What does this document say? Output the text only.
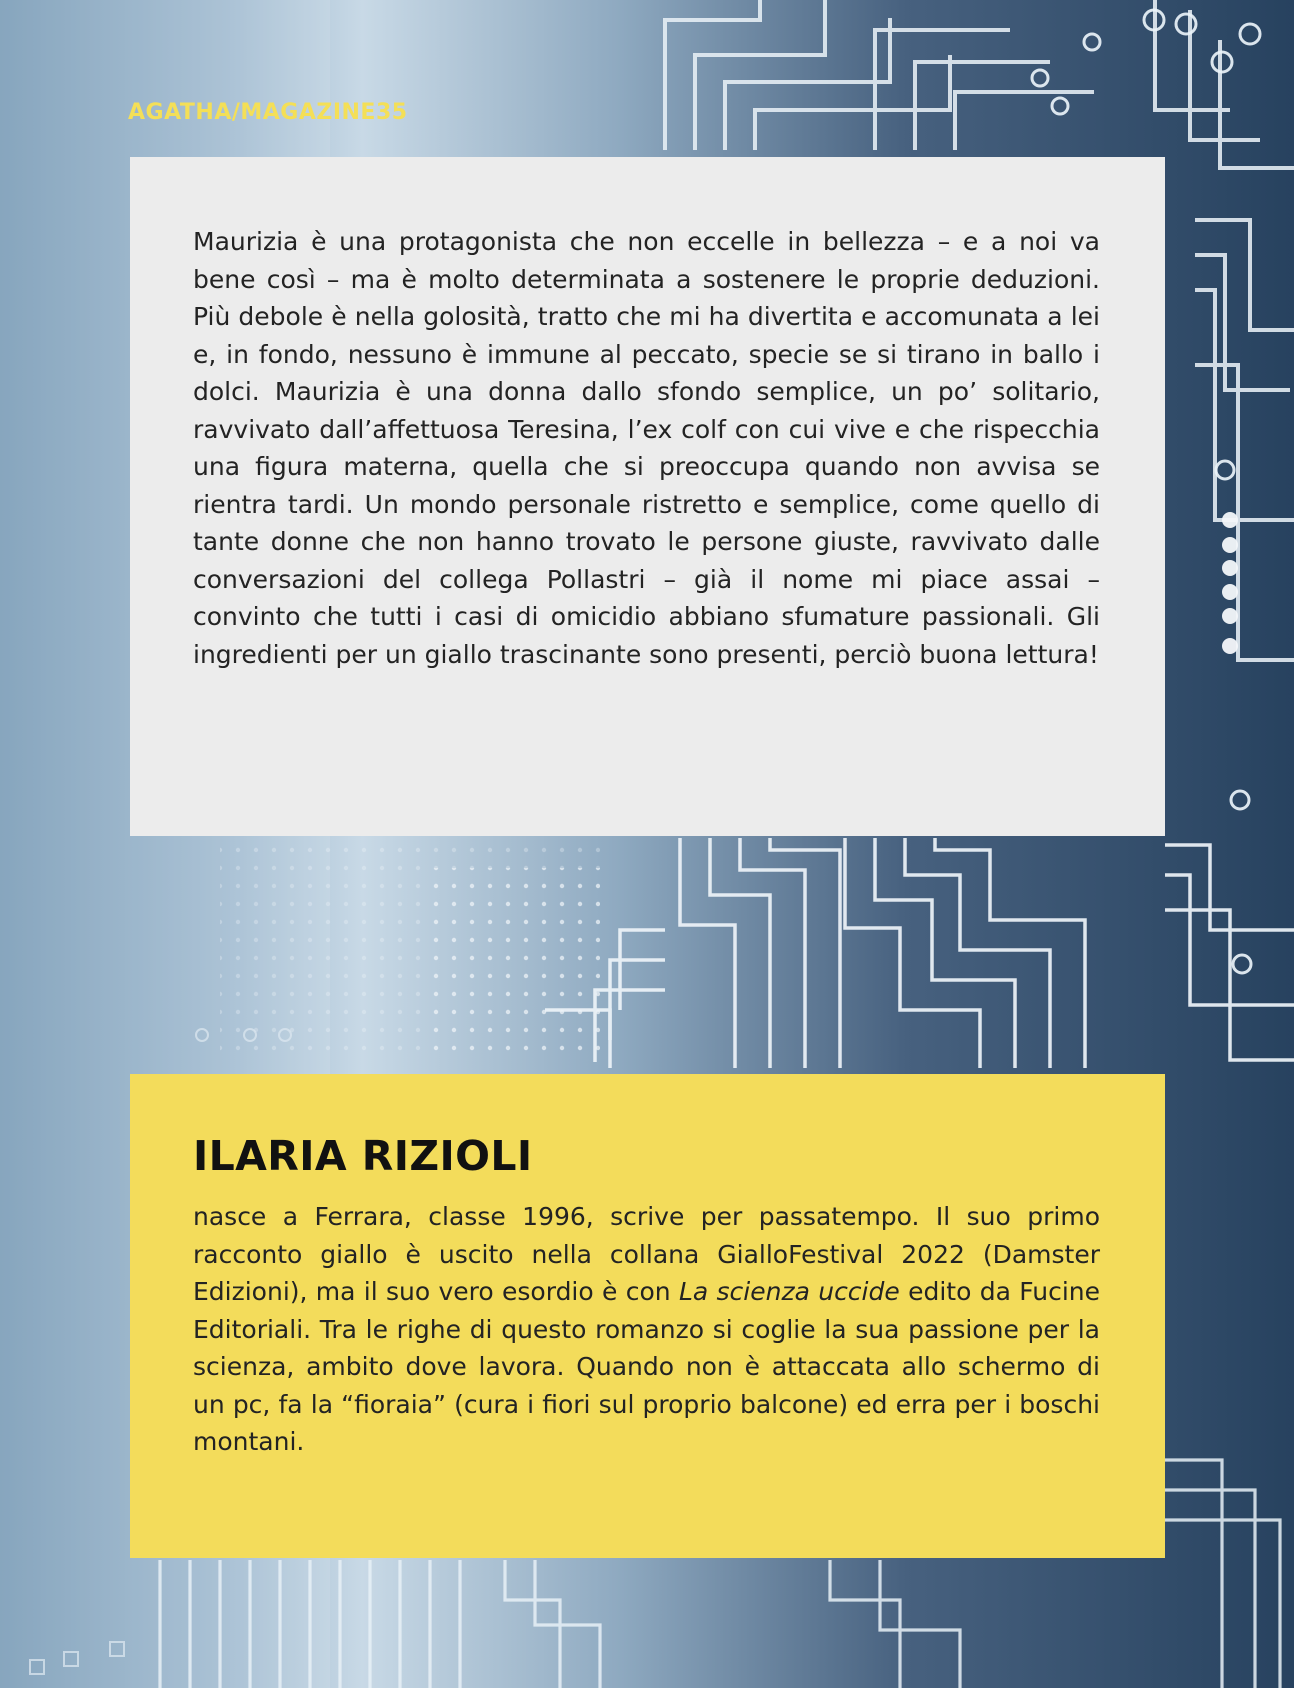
AGATHA/MAGAZINE35

Maurizia è una protagonista che non eccelle in bellezza – e a noi va bene così – ma è molto determinata a sostenere le proprie deduzioni. Più debole è nella golosità, tratto che mi ha divertita e accomunata a lei e, in fondo, nessuno è immune al peccato, specie se si tirano in ballo i dolci. Maurizia è una donna dallo sfondo semplice, un po’ solitario, ravvivato dall’affettuosa Teresina, l’ex colf con cui vive e che rispecchia una figura materna, quella che si preoccupa quando non avvisa se rientra tardi. Un mondo personale ristretto e semplice, come quello di tante donne che non hanno trovato le persone giuste, ravvivato dalle conversazioni del collega Pollastri – già il nome mi piace assai – convinto che tutti i casi di omicidio abbiano sfumature passionali. Gli ingredienti per un giallo trascinante sono presenti, perciò buona lettura!

ILARIA RIZIOLI

nasce a Ferrara, classe 1996, scrive per passatempo. Il suo primo racconto giallo è uscito nella collana GialloFestival 2022 (Damster Edizioni), ma il suo vero esordio è con La scienza uccide edito da Fucine Editoriali. Tra le righe di questo romanzo si coglie la sua passione per la scienza, ambito dove lavora. Quando non è attaccata allo schermo di un pc, fa la “fioraia” (cura i fiori sul proprio balcone) ed erra per i boschi montani.
